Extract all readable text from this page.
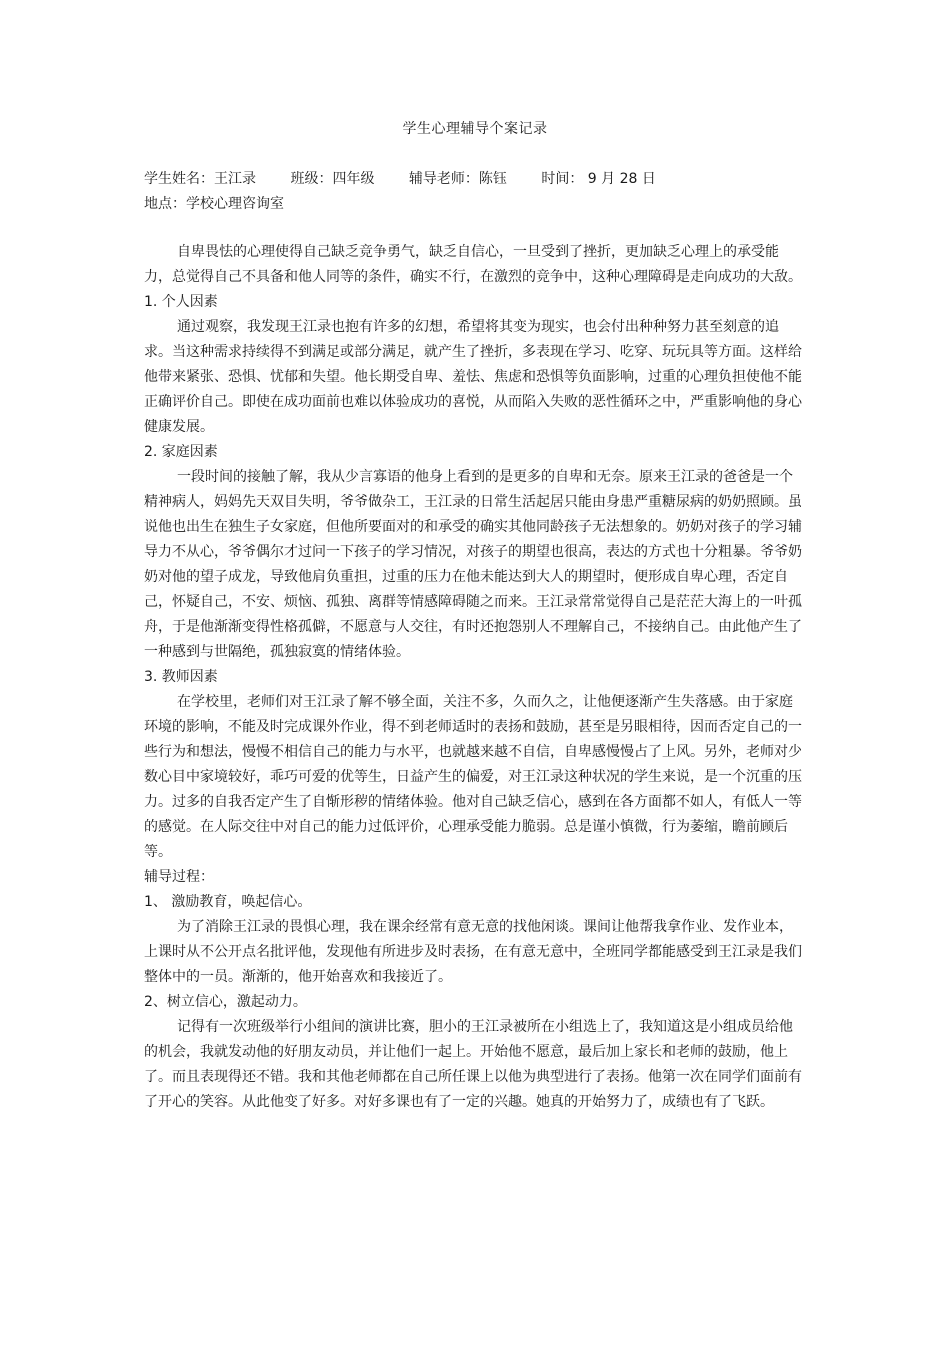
学生心理辅导个案记录
学生姓名：王江录 班级：四年级 辅导老师：陈钰 时间： 9 月 28 日
地点：学校心理咨询室

自卑畏怯的心理使得自己缺乏竞争勇气，缺乏自信心，一旦受到了挫折，更加缺乏心理上的承受能力，总觉得自己不具备和他人同等的条件，确实不行，在激烈的竞争中，这种心理障碍是走向成功的大敌。

1. 个人因素

通过观察，我发现王江录也抱有许多的幻想，希望将其变为现实，也会付出种种努力甚至刻意的追求。当这种需求持续得不到满足或部分满足，就产生了挫折，多表现在学习、吃穿、玩玩具等方面。这样给他带来紧张、恐惧、忧郁和失望。他长期受自卑、羞怯、焦虑和恐惧等负面影响，过重的心理负担使他不能正确评价自己。即使在成功面前也难以体验成功的喜悦，从而陷入失败的恶性循环之中，严重影响他的身心健康发展。

2. 家庭因素

一段时间的接触了解，我从少言寡语的他身上看到的是更多的自卑和无奈。原来王江录的爸爸是一个精神病人，妈妈先天双目失明，爷爷做杂工，王江录的日常生活起居只能由身患严重糖尿病的奶奶照顾。虽说他也出生在独生子女家庭，但他所要面对的和承受的确实其他同龄孩子无法想象的。奶奶对孩子的学习辅导力不从心，爷爷偶尔才过问一下孩子的学习情况，对孩子的期望也很高，表达的方式也十分粗暴。爷爷奶奶对他的望子成龙，导致他肩负重担，过重的压力在他未能达到大人的期望时，便形成自卑心理，否定自己，怀疑自己，不安、烦恼、孤独、离群等情感障碍随之而来。王江录常常觉得自己是茫茫大海上的一叶孤舟，于是他渐渐变得性格孤僻，不愿意与人交往，有时还抱怨别人不理解自己，不接纳自己。由此他产生了一种感到与世隔绝，孤独寂寞的情绪体验。

3. 教师因素

在学校里，老师们对王江录了解不够全面，关注不多，久而久之，让他便逐渐产生失落感。由于家庭环境的影响，不能及时完成课外作业，得不到老师适时的表扬和鼓励，甚至是另眼相待，因而否定自己的一些行为和想法，慢慢不相信自己的能力与水平，也就越来越不自信，自卑感慢慢占了上风。另外，老师对少数心目中家境较好，乖巧可爱的优等生，日益产生的偏爱，对王江录这种状况的学生来说，是一个沉重的压力。过多的自我否定产生了自惭形秽的情绪体验。他对自己缺乏信心，感到在各方面都不如人，有低人一等的感觉。在人际交往中对自己的能力过低评价，心理承受能力脆弱。总是谨小慎微，行为萎缩，瞻前顾后等。

辅导过程：

1、 激励教育，唤起信心。

为了消除王江录的畏惧心理，我在课余经常有意无意的找他闲谈。课间让他帮我拿作业、发作业本，上课时从不公开点名批评他，发现他有所进步及时表扬，在有意无意中，全班同学都能感受到王江录是我们整体中的一员。渐渐的，他开始喜欢和我接近了。

2、树立信心，激起动力。

记得有一次班级举行小组间的演讲比赛，胆小的王江录被所在小组选上了，我知道这是小组成员给他的机会，我就发动他的好朋友动员，并让他们一起上。开始他不愿意，最后加上家长和老师的鼓励，他上了。而且表现得还不错。我和其他老师都在自己所任课上以他为典型进行了表扬。他第一次在同学们面前有了开心的笑容。从此他变了好多。对好多课也有了一定的兴趣。她真的开始努力了，成绩也有了飞跃。
